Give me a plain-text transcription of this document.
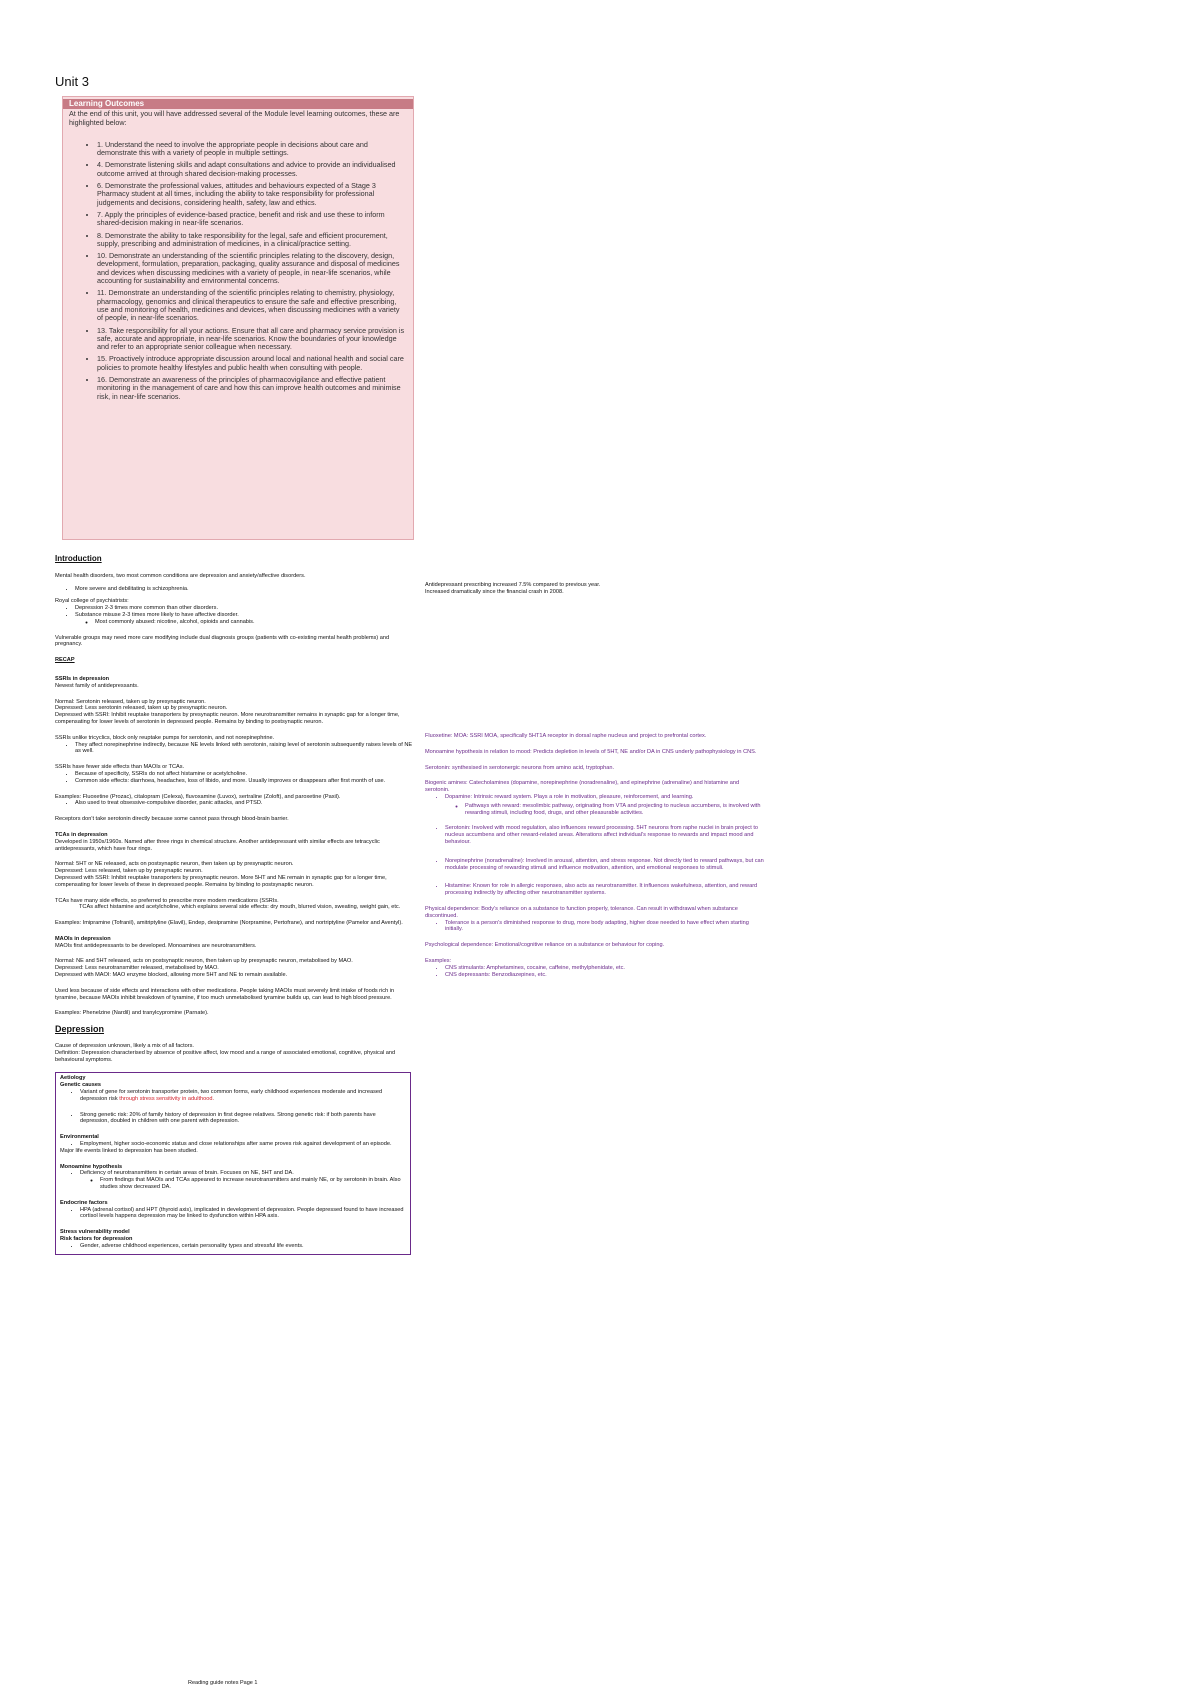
Unit 3
Learning Outcomes
At the end of this unit, you will have addressed several of the Module level learning outcomes, these are highlighted below:
• 1. Understand the need to involve the appropriate people in decisions about care and demonstrate this with a variety of people in multiple settings.
• 4. Demonstrate listening skills and adapt consultations and advice to provide an individualised outcome arrived at through shared decision-making processes.
• 6. Demonstrate the professional values, attitudes and behaviours expected of a Stage 3 Pharmacy student at all times, including the ability to take responsibility for professional judgements and decisions, considering health, safety, law and ethics.
• 7. Apply the principles of evidence-based practice, benefit and risk and use these to inform shared-decision making in near-life scenarios.
• 8. Demonstrate the ability to take responsibility for the legal, safe and efficient procurement, supply, prescribing and administration of medicines, in a clinical/practice setting.
• 10. Demonstrate an understanding of the scientific principles relating to the discovery, design, development, formulation, preparation, packaging, quality assurance and disposal of medicines and devices when discussing medicines with a variety of people, in near-life scenarios, while accounting for sustainability and environmental concerns.
• 11. Demonstrate an understanding of the scientific principles relating to chemistry, physiology, pharmacology, genomics and clinical therapeutics to ensure the safe and effective prescribing, use and monitoring of health, medicines and devices, when discussing medicines with a variety of people, in near-life scenarios.
• 13. Take responsibility for all your actions. Ensure that all care and pharmacy service provision is safe, accurate and appropriate, in near-life scenarios. Know the boundaries of your knowledge and refer to an appropriate senior colleague when necessary.
• 15. Proactively introduce appropriate discussion around local and national health and social care policies to promote healthy lifestyles and public health when consulting with people.
• 16. Demonstrate an awareness of the principles of pharmacovigilance and effective patient monitoring in the management of care and how this can improve health outcomes and minimise risk, in near-life scenarios.
Introduction

Mental health disorders, two most common conditions are depression and anxiety/affective disorders.

• More severe and debilitating is schizophrenia.

Royal college of psychiatrists:

• Depression 2-3 times more common than other disorders.
• Substance misuse 2-3 times more likely to have affective disorder.
◦ Most commonly abused: nicotine, alcohol, opioids and cannabis.

Vulnerable groups may need more care modifying include dual diagnosis groups (patients with co-existing mental health problems) and pregnancy.

RECAP
SSRIs in depression

Newest family of antidepressants.

Normal: Serotonin released, taken up by presynaptic neuron.
Depressed: Less serotonin released, taken up by presynaptic neuron.

Depressed with SSRI: Inhibit reuptake transporters by presynaptic neuron. More neurotransmitter remains in synaptic gap for a longer time, compensating for lower levels of serotonin in depressed people. Remains by binding to postsynaptic neuron.

SSRIs unlike tricyclics, block only reuptake pumps for serotonin, and not norepinephrine.

• They affect norepinephrine indirectly, because NE levels linked with serotonin, raising level of serotonin subsequently raises levels of NE as well.

SSRIs have fewer side effects than MAOIs or TCAs.

• Because of specificity, SSRIs do not affect histamine or acetylcholine.
• Common side effects: diarrhoea, headaches, loss of libido, and more. Usually improves or disappears after first month of use.

Examples: Fluoxetine (Prozac), citalopram (Celexa), fluvoxamine (Luvox), sertraline (Zoloft), and paroxetine (Paxil).

• Also used to treat obsessive-compulsive disorder, panic attacks, and PTSD.

Receptors don't take serotonin directly because some cannot pass through blood-brain barrier.

TCAs in depression

Developed in 1950s/1960s. Named after three rings in chemical structure. Another antidepressant with similar effects are tetracyclic antidepressants, which have four rings.

Normal: 5HT or NE released, acts on postsynaptic neuron, then taken up by presynaptic neuron.
Depressed: Less released, taken up by presynaptic neuron.

Depressed with SSRI: Inhibit reuptake transporters by presynaptic neuron. More 5HT and NE remain in synaptic gap for a longer time, compensating for lower levels of these in depressed people. Remains by binding to postsynaptic neuron.

TCAs have many side effects, so preferred to prescribe more modern medications (SSRIs.

TCAs affect histamine and acetylcholine, which explains several side effects: dry mouth, blurred vision, sweating, weight gain, etc.

Examples: Imipramine (Tofranil), amitriptyline (Elavil), Endep, desipramine (Norpramine, Pertofrane), and nortriptyline (Pamelor and Aventyl).

MAOIs in depression

MAOIs first antidepressants to be developed. Monoamines are neurotransmitters.

Normal: NE and 5HT released, acts on postsynaptic neuron, then taken up by presynaptic neuron, metabolised by MAO.
Depressed: Less neurotransmitter released, metabolised by MAO.

Depressed with MAOI: MAO enzyme blocked, allowing more 5HT and NE to remain available.

Used less because of side effects and interactions with other medications. People taking MAOIs must severely limit intake of foods rich in tyramine, because MAOIs inhibit breakdown of tyramine, if too much unmetabolised tyramine builds up, can lead to high blood pressure.

Examples: Phenelzine (Nardil) and tranylcypromine (Parnate).

Depression
Cause of depression unknown, likely a mix of all factors.

Definition: Depression characterised by absence of positive affect, low mood and a range of associated emotional, cognitive, physical and behavioural symptoms.

Aetiology
Genetic causes
• Variant of gene for serotonin transporter protein, two common forms, early childhood experiences moderate and increased depression risk through stress sensitivity in adulthood.
• Strong genetic risk: 20% of family history of depression in first degree relatives. Strong genetic risk: if both parents have depression, doubled in children with one parent with depression.
Environmental
• Employment, higher socio-economic status and close relationships after same proves risk against development of an episode.

Major life events linked to depression has been studied.

Monoamine hypothesis
• Deficiency of neurotransmitters in certain areas of brain. Focuses on NE, 5HT and DA.
◦ From findings that MAOIs and TCAs appeared to increase neurotransmitters and mainly NE, or by serotonin in brain. Also studies show decreased DA.
Endocrine factors
• HPA (adrenal cortisol) and HPT (thyroid axis), implicated in development of depression. People depressed found to have increased cortisol levels happens depression may be linked to dysfunction within HPA axis.
Stress vulnerability model
Risk factors for depression
• Gender, adverse childhood experiences, certain personality types and stressful life events.
Antidepressant prescribing increased 7.5% compared to previous year.
Increased dramatically since the financial crash in 2008.

Fluoxetine: MOA: SSRI MOA, specifically 5HT1A receptor in dorsal raphe nucleus and project to prefrontal cortex.

Monoamine hypothesis in relation to mood: Predicts depletion in levels of 5HT, NE and/or DA in CNS underly pathophysiology in CNS.

Serotonin: synthesised in serotonergic neurons from amino acid, tryptophan.

Biogenic amines: Catecholamines (dopamine, norepinephrine (noradrenaline), and epinephrine (adrenaline) and histamine and serotonin.

• Dopamine: Intrinsic reward system. Plays a role in motivation, pleasure, reinforcement, and learning.
◦ Pathways with reward: mesolimbic pathway, originating from VTA and projecting to nucleus accumbens, is involved with rewarding stimuli, including food, drugs, and other pleasurable activities.
• Serotonin: Involved with mood regulation, also influences reward processing. 5HT neurons from raphe nuclei in brain project to nucleus accumbens and other reward-related areas. Alterations affect individual's response to rewards and impact mood and behaviour.
• Norepinephrine (noradrenaline): Involved in arousal, attention, and stress response. Not directly tied to reward pathways, but can modulate processing of rewarding stimuli and influence motivation, attention, and emotional responses to stimuli.
• Histamine: Known for role in allergic responses, also acts as neurotransmitter. It influences wakefulness, attention, and reward processing indirectly by affecting other neurotransmitter systems.

Physical dependence: Body's reliance on a substance to function properly, tolerance. Can result in withdrawal when substance discontinued.

• Tolerance is a person's diminished response to drug, more body adapting, higher dose needed to have effect when starting initially.

Psychological dependence: Emotional/cognitive reliance on a substance or behaviour for coping.

Examples:
• CNS stimulants: Amphetamines, cocaine, caffeine, methylphenidate, etc.
• CNS depressants: Benzodiazepines, etc.
Reading guide notes Page 1
